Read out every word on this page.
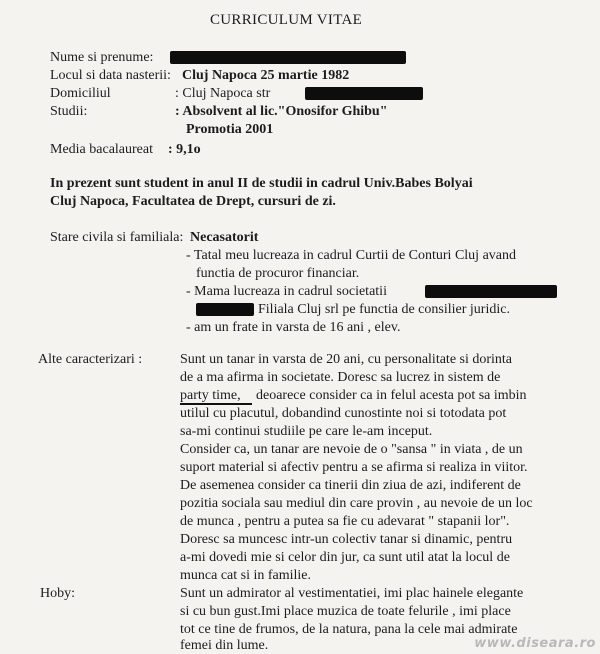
CURRICULUM VITAE
Nume si prenume:
Locul si data nasterii: Cluj Napoca 25 martie 1982
Domiciliul	: Cluj Napoca str
Studii:	: Absolvent al lic."Onosifor Ghibu"
Promotia 2001
Media bacalaureat : 9,1o
In prezent sunt student in anul II de studii in cadrul Univ.Babes Bolyai
Cluj Napoca, Facultatea de Drept, cursuri de zi.
Stare civila si familiala: Necasatorit
- Tatal meu lucreaza in cadrul Curtii de Conturi Cluj avand
functia de procuror financiar.
- Mama lucreaza in cadrul societatii
Filiala Cluj srl pe functia de consilier juridic.
- am un frate in varsta de 16 ani , elev.
Alte caracterizari :	Sunt un tanar in varsta de 20 ani, cu personalitate si dorinta
de a ma afirma in societate. Doresc sa lucrez in sistem de
party time, deoarece consider ca in felul acesta pot sa imbin
utilul cu placutul, dobandind cunostinte noi si totodata pot
sa-mi continui studiile pe care le-am inceput.
Consider ca, un tanar are nevoie de o "sansa " in viata , de un
suport material si afectiv pentru a se afirma si realiza in viitor.
De asemenea consider ca tinerii din ziua de azi, indiferent de
pozitia sociala sau mediul din care provin , au nevoie de un loc
de munca , pentru a putea sa fie cu adevarat " stapanii lor".
Doresc sa muncesc intr-un colectiv tanar si dinamic, pentru
a-mi dovedi mie si celor din jur, ca sunt util atat la locul de
munca cat si in familie.
Hoby:	Sunt un admirator al vestimentatiei, imi plac hainele elegante
si cu bun gust.Imi place muzica de toate felurile , imi place
tot ce tine de frumos, de la natura, pana la cele mai admirate
femei din lume.	www.diseara.ro
